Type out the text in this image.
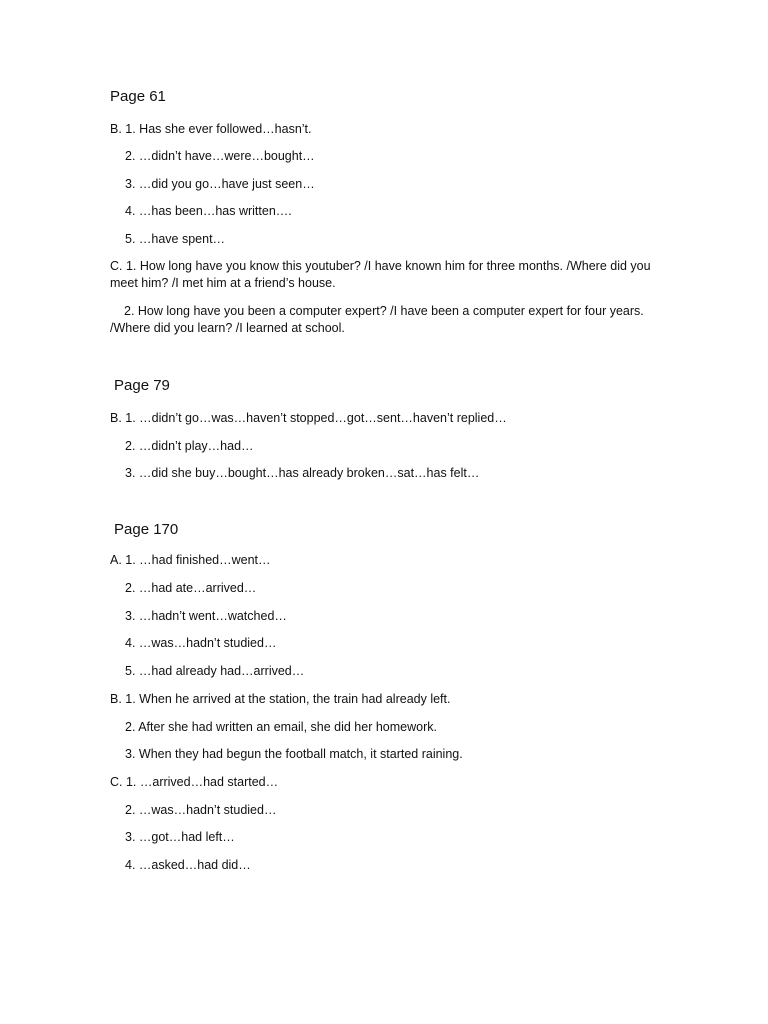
Page 61
B. 1. Has she ever followed…hasn’t.
2. …didn’t have…were…bought…
3. …did you go…have just seen…
4. …has been…has written….
5. …have spent…
C. 1. How long have you know this youtuber? /I have known him for three months. /Where did you meet him? /I met him at a friend’s house.
2. How long have you been a computer expert? /I have been a computer expert for four years. /Where did you learn? /I learned at school.
Page 79
B. 1. …didn’t go…was…haven’t stopped…got…sent…haven’t replied…
2. …didn’t play…had…
3. …did she buy…bought…has already broken…sat…has felt…
Page 170
A. 1. …had finished…went…
2. …had ate…arrived…
3. …hadn’t went…watched…
4. …was…hadn’t studied…
5. …had already had…arrived…
B. 1. When he arrived at the station, the train had already left.
2. After she had written an email, she did her homework.
3. When they had begun the football match, it started raining.
C. 1. …arrived…had started…
2. …was…hadn’t studied…
3. …got…had left…
4. …asked…had did…
